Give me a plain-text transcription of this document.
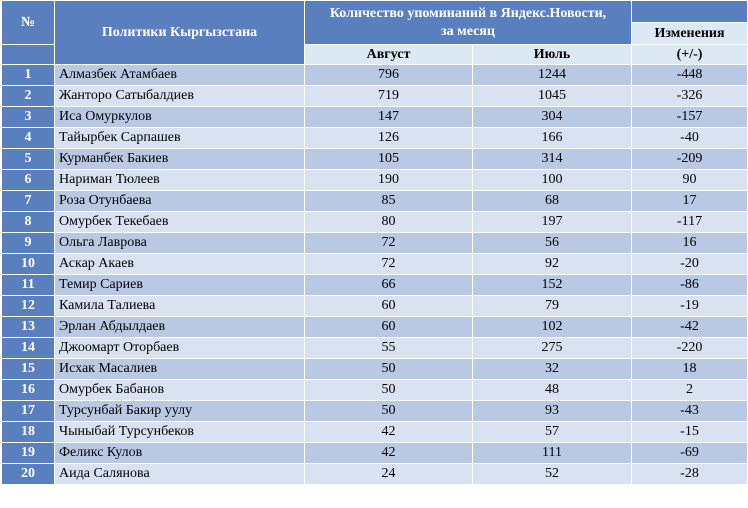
№	Политики Кыргызстана	Количество упоминаний в Яндекс.Новости,
за месяц		

				Изменения
		Август	Июль	(+/-)
1	Алмазбек Атамбаев	796	1244	-448
2	Жанторо Сатыбалдиев	719	1045	-326
3	Иса Омуркулов	147	304	-157
4	Тайырбек Сарпашев	126	166	-40
5	Курманбек Бакиев	105	314	-209
6	Нариман Тюлеев	190	100	90
7	Роза Отунбаева	85	68	17
8	Омурбек Текебаев	80	197	-117
9	Ольга Лаврова	72	56	16
10	Аскар Акаев	72	92	-20
11	Темир Сариев	66	152	-86
12	Камила Талиева	60	79	-19
13	Эрлан Абдылдаев	60	102	-42
14	Джоомарт Оторбаев	55	275	-220
15	Исхак Масалиев	50	32	18
16	Омурбек Бабанов	50	48	2
17	Турсунбай Бакир уулу	50	93	-43
18	Чыныбай Турсунбеков	42	57	-15
19	Феликс Кулов	42	111	-69
20	Аида Салянова	24	52	-28
